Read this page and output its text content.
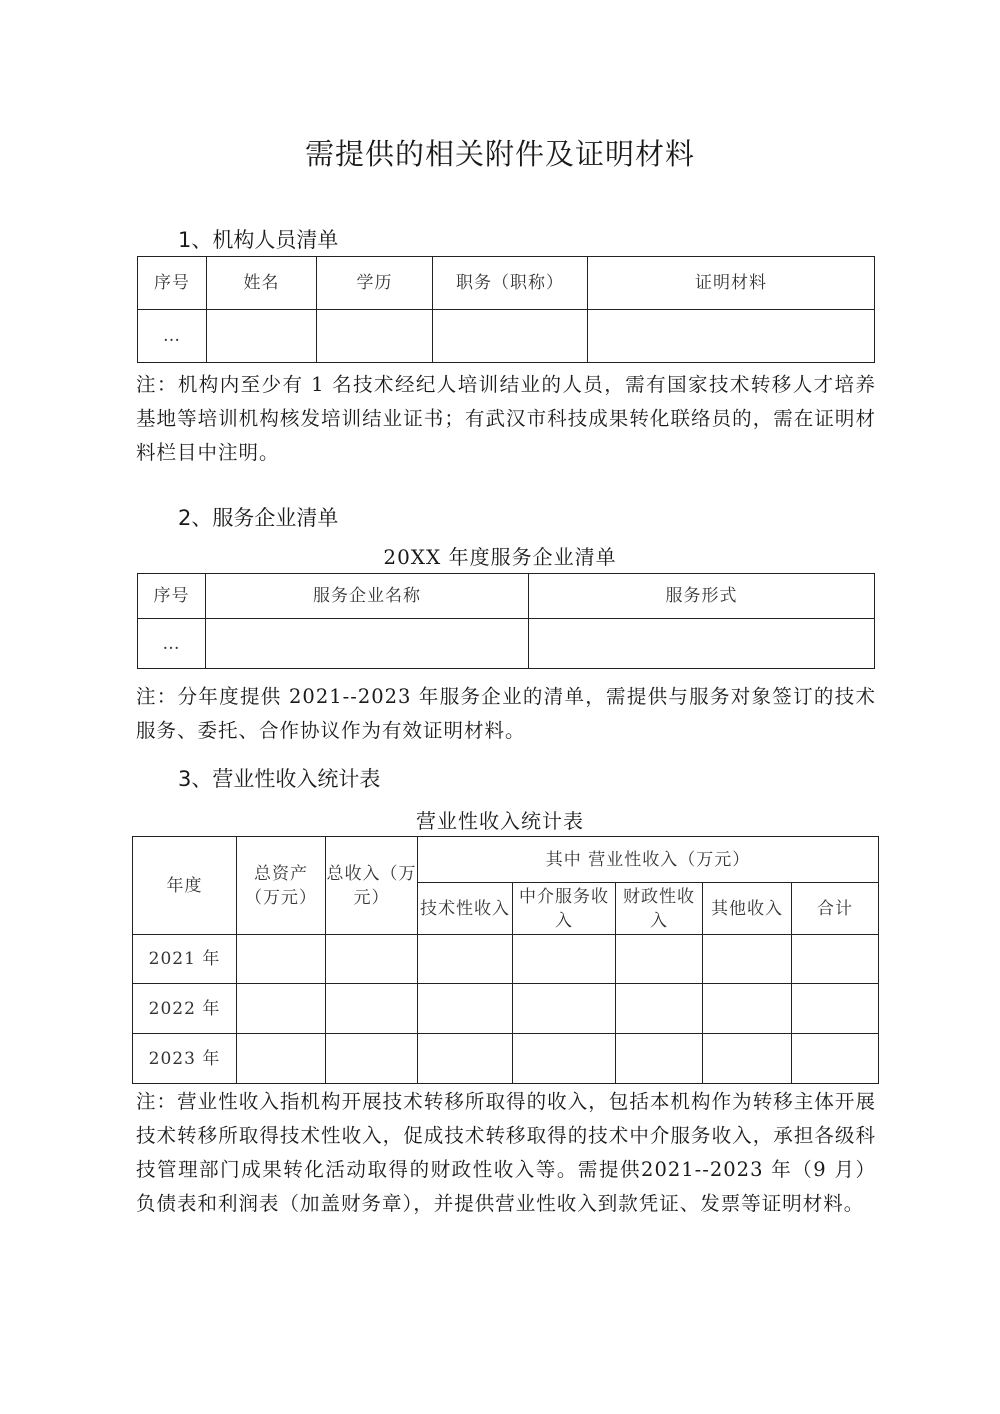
需提供的相关附件及证明材料
1、机构人员清单
序号	姓名	学历	职务（职称）	证明材料
…				

注：机构内至少有 1 名技术经纪人培训结业的人员，需有国家技术转移人才培养基地等培训机构核发培训结业证书；有武汉市科技成果转化联络员的，需在证明材料栏目中注明。

2、服务企业清单
20XX 年度服务企业清单
序号	服务企业名称	服务形式
…		

注：分年度提供 2021--2023 年服务企业的清单，需提供与服务对象签订的技术服务、委托、合作协议作为有效证明材料。

3、营业性收入统计表
营业性收入统计表
年度	总资产（万元）	总收入（万元）	其中 营业性收入（万元）				
			技术性收入	中介服务收入	财政性收入	其他收入	合计
2021 年							
2022 年							
2023 年							

注：营业性收入指机构开展技术转移所取得的收入，包括本机构作为转移主体开展技术转移所取得技术性收入，促成技术转移取得的技术中介服务收入，承担各级科技管理部门成果转化活动取得的财政性收入等。需提供2021--2023 年（9 月）负债表和利润表（加盖财务章），并提供营业性收入到款凭证、发票等证明材料。
